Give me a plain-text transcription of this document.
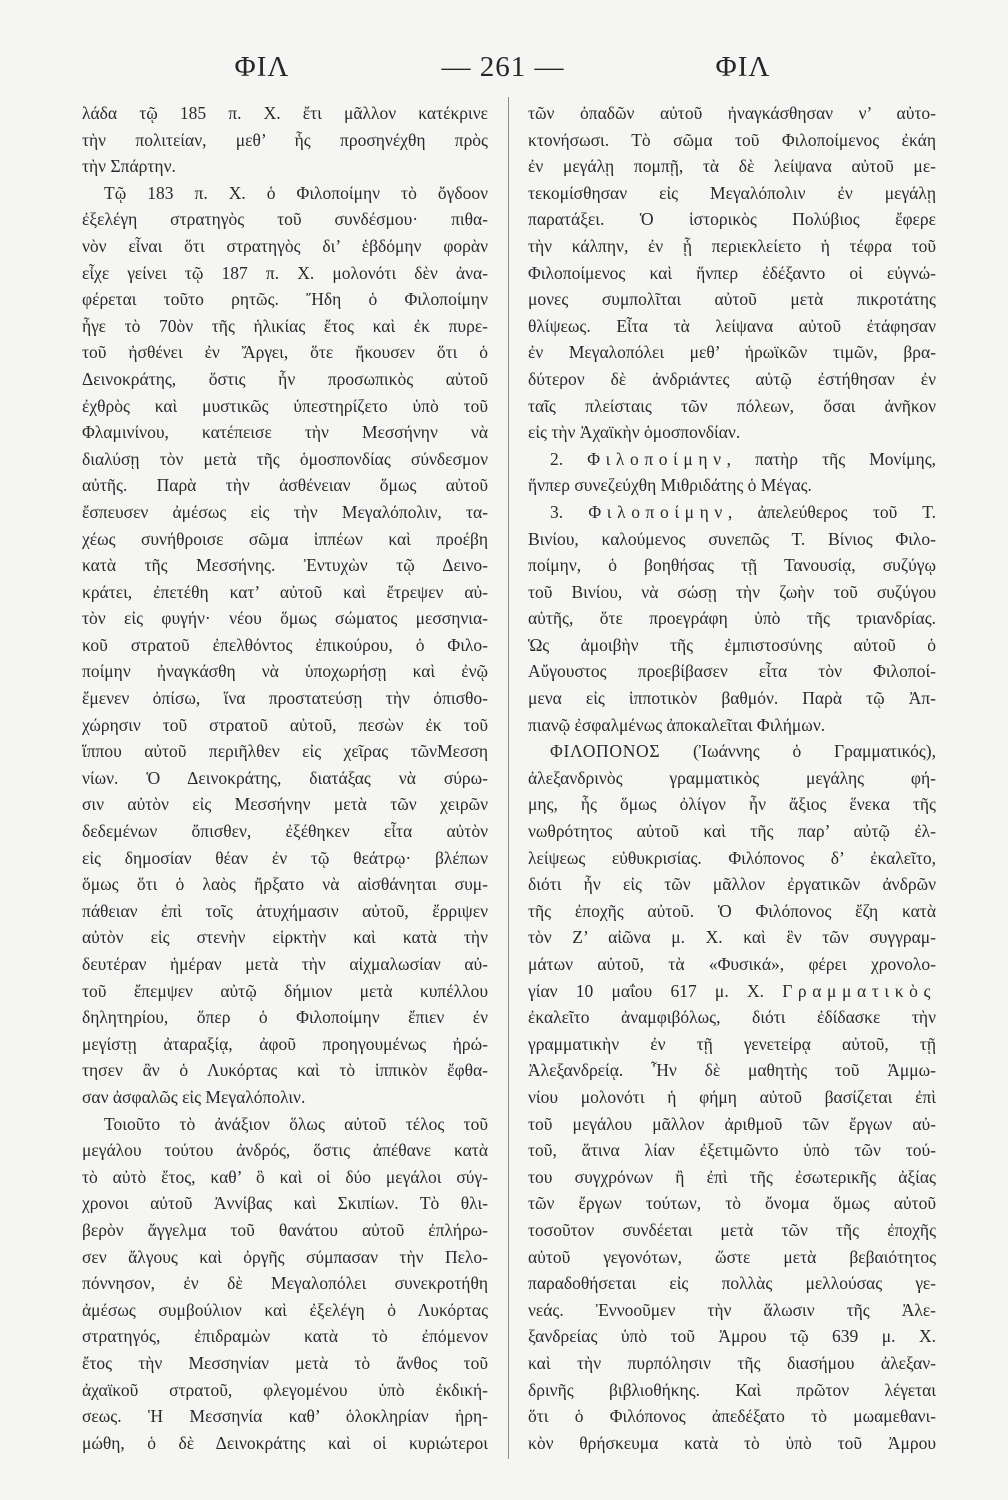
ΦΙΛ	— 261 —	ΦΙΛ
λάδα τῷ 185 π. Χ. ἔτι μᾶλλον κατέκρινε
τὴν πολιτείαν, μεθ’ ἧς προσηνέχθη πρὸς
τὴν Σπάρτην.
Τῷ 183 π. Χ. ὁ Φιλοποίμην τὸ ὄγδοον
ἐξελέγη στρατηγὸς τοῦ συνδέσμου· πιθα-
νὸν εἶναι ὅτι στρατηγὸς δι’ ἑβδόμην φορὰν
εἶχε γείνει τῷ 187 π. Χ. μολονότι δὲν ἀνα-
φέρεται τοῦτο ρητῶς. Ἤδη ὁ Φιλοποίμην
ἦγε τὸ 70ὸν τῆς ἡλικίας ἔτος καὶ ἐκ πυρε-
τοῦ ἠσθένει ἐν Ἄργει, ὅτε ἤκουσεν ὅτι ὁ
Δεινοκράτης, ὅστις ἦν προσωπικὸς αὐτοῦ
ἐχθρὸς καὶ μυστικῶς ὑπεστηρίζετο ὑπὸ τοῦ
Φλαμινίνου, κατέπεισε τὴν Μεσσήνην νὰ
διαλύσῃ τὸν μετὰ τῆς ὁμοσπονδίας σύνδεσμον
αὐτῆς. Παρὰ τὴν ἀσθένειαν ὅμως αὐτοῦ
ἔσπευσεν ἀμέσως εἰς τὴν Μεγαλόπολιν, τα-
χέως συνήθροισε σῶμα ἱππέων καὶ προέβη
κατὰ τῆς Μεσσήνης. Ἐντυχὼν τῷ Δεινο-
κράτει, ἐπετέθη κατ’ αὐτοῦ καὶ ἔτρεψεν αὐ-
τὸν εἰς φυγήν· νέου ὅμως σώματος μεσσηνια-
κοῦ στρατοῦ ἐπελθόντος ἐπικούρου, ὁ Φιλο-
ποίμην ἠναγκάσθη νὰ ὑποχωρήσῃ καὶ ἐνῷ
ἔμενεν ὀπίσω, ἵνα προστατεύσῃ τὴν ὀπισθο-
χώρησιν τοῦ στρατοῦ αὐτοῦ, πεσὼν ἐκ τοῦ
ἵππου αὐτοῦ περιῆλθεν εἰς χεῖρας τῶνΜεσση
νίων. Ὁ Δεινοκράτης, διατάξας νὰ σύρω-
σιν αὐτὸν εἰς Μεσσήνην μετὰ τῶν χειρῶν
δεδεμένων ὄπισθεν, ἐξέθηκεν εἶτα αὐτὸν
εἰς δημοσίαν θέαν ἐν τῷ θεάτρῳ· βλέπων
ὅμως ὅτι ὁ λαὸς ἤρξατο νὰ αἰσθάνηται συμ-
πάθειαν ἐπὶ τοῖς ἀτυχήμασιν αὐτοῦ, ἔρριψεν
αὐτὸν εἰς στενὴν εἱρκτὴν καὶ κατὰ τὴν
δευτέραν ἡμέραν μετὰ τὴν αἰχμαλωσίαν αὐ-
τοῦ ἔπεμψεν αὐτῷ δήμιον μετὰ κυπέλλου
δηλητηρίου, ὅπερ ὁ Φιλοποίμην ἔπιεν ἐν
μεγίστῃ ἀταραξίᾳ, ἀφοῦ προηγουμένως ἠρώ-
τησεν ἂν ὁ Λυκόρτας καὶ τὸ ἱππικὸν ἔφθα-
σαν ἀσφαλῶς εἰς Μεγαλόπολιν.
Τοιοῦτο τὸ ἀνάξιον ὅλως αὐτοῦ τέλος τοῦ
μεγάλου τούτου ἀνδρός, ὅστις ἀπέθανε κατὰ
τὸ αὐτὸ ἔτος, καθ’ ὃ καὶ οἱ δύο μεγάλοι σύγ-
χρονοι αὐτοῦ Ἀννίβας καὶ Σκιπίων. Τὸ θλι-
βερὸν ἄγγελμα τοῦ θανάτου αὐτοῦ ἐπλήρω-
σεν ἄλγους καὶ ὀργῆς σύμπασαν τὴν Πελο-
πόννησον, ἐν δὲ Μεγαλοπόλει συνεκροτήθη
ἀμέσως συμβούλιον καὶ ἐξελέγη ὁ Λυκόρτας
στρατηγός, ἐπιδραμὼν κατὰ τὸ ἐπόμενον
ἔτος τὴν Μεσσηνίαν μετὰ τὸ ἄνθος τοῦ
ἀχαϊκοῦ στρατοῦ, φλεγομένου ὑπὸ ἐκδική-
σεως. Ἡ Μεσσηνία καθ’ ὁλοκληρίαν ἠρη-
μώθη, ὁ δὲ Δεινοκράτης καὶ οἱ κυριώτεροι
τῶν ὀπαδῶν αὐτοῦ ἠναγκάσθησαν ν’ αὐτο-
κτονήσωσι. Τὸ σῶμα τοῦ Φιλοποίμενος ἐκάη
ἐν μεγάλῃ πομπῇ, τὰ δὲ λείψανα αὐτοῦ με-
τεκομίσθησαν εἰς Μεγαλόπολιν ἐν μεγάλῃ
παρατάξει. Ὁ ἱστορικὸς Πολύβιος ἔφερε
τὴν κάλπην, ἐν ᾗ περιεκλείετο ἡ τέφρα τοῦ
Φιλοποίμενος καὶ ἥνπερ ἐδέξαντο οἱ εὐγνώ-
μονες συμπολῖται αὐτοῦ μετὰ πικροτάτης
θλίψεως. Εἶτα τὰ λείψανα αὐτοῦ ἐτάφησαν
ἐν Μεγαλοπόλει μεθ’ ἡρωϊκῶν τιμῶν, βρα-
δύτερον δὲ ἀνδριάντες αὐτῷ ἐστήθησαν ἐν
ταῖς πλείσταις τῶν πόλεων, ὅσαι ἀνῆκον
εἰς τὴν Ἀχαϊκὴν ὁμοσπονδίαν.
2. Φιλοποίμην, πατὴρ τῆς Μονίμης,
ἥνπερ συνεζεύχθη Μιθριδάτης ὁ Μέγας.
3. Φιλοποίμην, ἀπελεύθερος τοῦ Τ.
Βινίου, καλούμενος συνεπῶς Τ. Βίνιος Φιλο-
ποίμην, ὁ βοηθήσας τῇ Τανουσίᾳ, συζύγῳ
τοῦ Βινίου, νὰ σώσῃ τὴν ζωὴν τοῦ συζύγου
αὐτῆς, ὅτε προεγράφη ὑπὸ τῆς τριανδρίας.
Ὡς ἀμοιβὴν τῆς ἐμπιστοσύνης αὐτοῦ ὁ
Αὔγουστος προεβίβασεν εἶτα τὸν Φιλοποί-
μενα εἰς ἱπποτικὸν βαθμόν. Παρὰ τῷ Ἀπ-
πιανῷ ἐσφαλμένως ἀποκαλεῖται Φιλήμων.
ΦΙΛΟΠΟΝΟΣ (Ἰωάννης ὁ Γραμματικός),
ἀλεξανδρινὸς γραμματικὸς μεγάλης φή-
μης, ἧς ὅμως ὀλίγον ἦν ἄξιος ἕνεκα τῆς
νωθρότητος αὐτοῦ καὶ τῆς παρ’ αὐτῷ ἐλ-
λείψεως εὐθυκρισίας. Φιλόπονος δ’ ἐκαλεῖτο,
διότι ἦν εἰς τῶν μᾶλλον ἐργατικῶν ἀνδρῶν
τῆς ἐποχῆς αὐτοῦ. Ὁ Φιλόπονος ἔζη κατὰ
τὸν Ζ’ αἰῶνα μ. Χ. καὶ ἓν τῶν συγγραμ-
μάτων αὐτοῦ, τὰ «Φυσικά», φέρει χρονολο-
γίαν 10 μαΐου 617 μ. Χ. Γραμματικὸς
ἐκαλεῖτο ἀναμφιβόλως, διότι ἐδίδασκε τὴν
γραμματικὴν ἐν τῇ γενετείρᾳ αὐτοῦ, τῇ
Ἀλεξανδρείᾳ. Ἦν δὲ μαθητὴς τοῦ Ἀμμω-
νίου μολονότι ἡ φήμη αὐτοῦ βασίζεται ἐπὶ
τοῦ μεγάλου μᾶλλον ἀριθμοῦ τῶν ἔργων αὐ-
τοῦ, ἅτινα λίαν ἐξετιμῶντο ὑπὸ τῶν τού-
του συγχρόνων ἢ ἐπὶ τῆς ἐσωτερικῆς ἀξίας
τῶν ἔργων τούτων, τὸ ὄνομα ὅμως αὐτοῦ
τοσοῦτον συνδέεται μετὰ τῶν τῆς ἐποχῆς
αὐτοῦ γεγονότων, ὥστε μετὰ βεβαιότητος
παραδοθήσεται εἰς πολλὰς μελλούσας γε-
νεάς. Ἐννοοῦμεν τὴν ἅλωσιν τῆς Ἀλε-
ξανδρείας ὑπὸ τοῦ Ἀμρου τῷ 639 μ. Χ.
καὶ τὴν πυρπόλησιν τῆς διασήμου ἀλεξαν-
δρινῆς βιβλιοθήκης. Καὶ πρῶτον λέγεται
ὅτι ὁ Φιλόπονος ἀπεδέξατο τὸ μωαμεθανι-
κὸν θρήσκευμα κατὰ τὸ ὑπὸ τοῦ Ἀμρου
